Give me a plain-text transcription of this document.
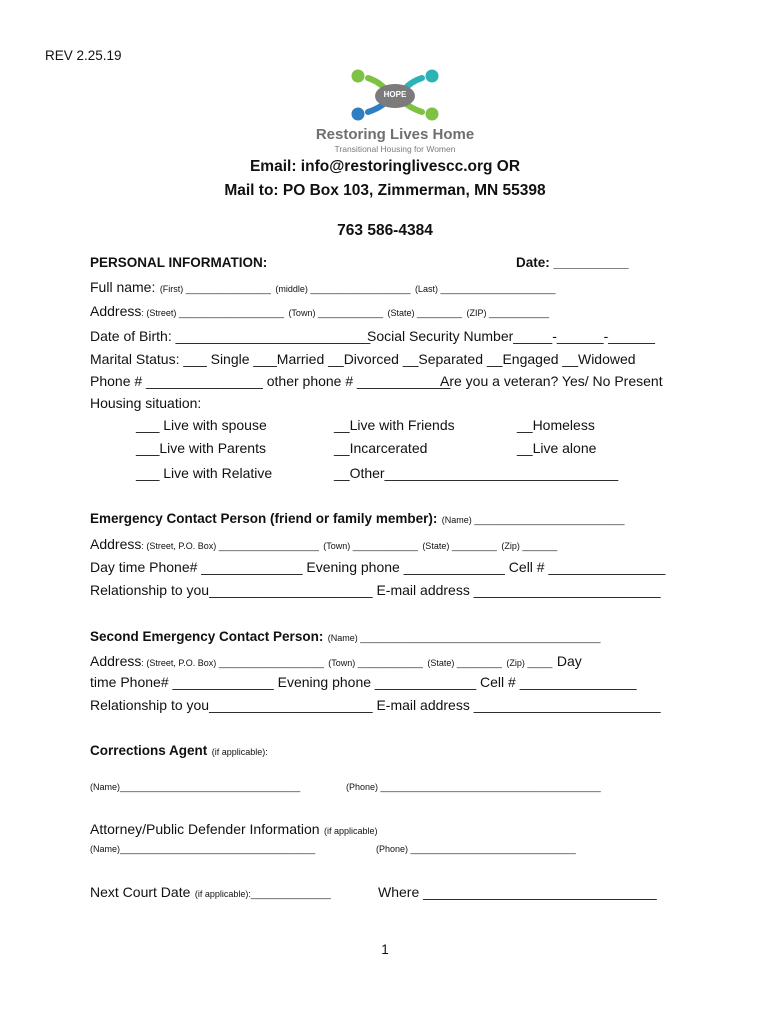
REV 2.25.19
HOPE
Restoring Lives Home
Transitional Housing for Women
Email: info@restoringlivescc.org OR
Mail to: PO Box 103, Zimmerman, MN 55398
763 586-4384
PERSONAL INFORMATION:	Date: __________
Full name: (First) _________________ (middle) ____________________ (Last) _______________________
Address: (Street) _____________________ (Town) _____________ (State) _________ (ZIP) ____________
Date of Birth: _________________________
Social Security Number_____-______-______
Marital Status: ___ Single ___Married __Divorced __Separated __Engaged __Widowed
Phone # _______________ other phone # ____________
Are you a veteran? Yes/ No Present
Housing situation:
___ Live with spouse	__Live with Friends	__Homeless
___Live with Parents	__Incarcerated	__Live alone
___ Live with Relative	__Other______________________________
Emergency Contact Person (friend or family member): (Name) ______________________________
Address: (Street, P.O. Box) ____________________ (Town) _____________ (State) _________ (Zip) _______
Day time Phone# _____________ Evening phone _____________ Cell # _______________
Relationship to you_____________________ E-mail address ________________________
Second Emergency Contact Person: (Name) ________________________________________________
Address: (Street, P.O. Box) _____________________ (Town) _____________ (State) _________ (Zip) _____ Day
time Phone# _____________ Evening phone _____________ Cell # _______________
Relationship to you_____________________ E-mail address ________________________
Corrections Agent (if applicable):
(Name)____________________________________	(Phone) ____________________________________________
Attorney/Public Defender Information (if applicable)
(Name)_______________________________________	(Phone) _________________________________
Next Court Date (if applicable):________________	Where ______________________________
1
